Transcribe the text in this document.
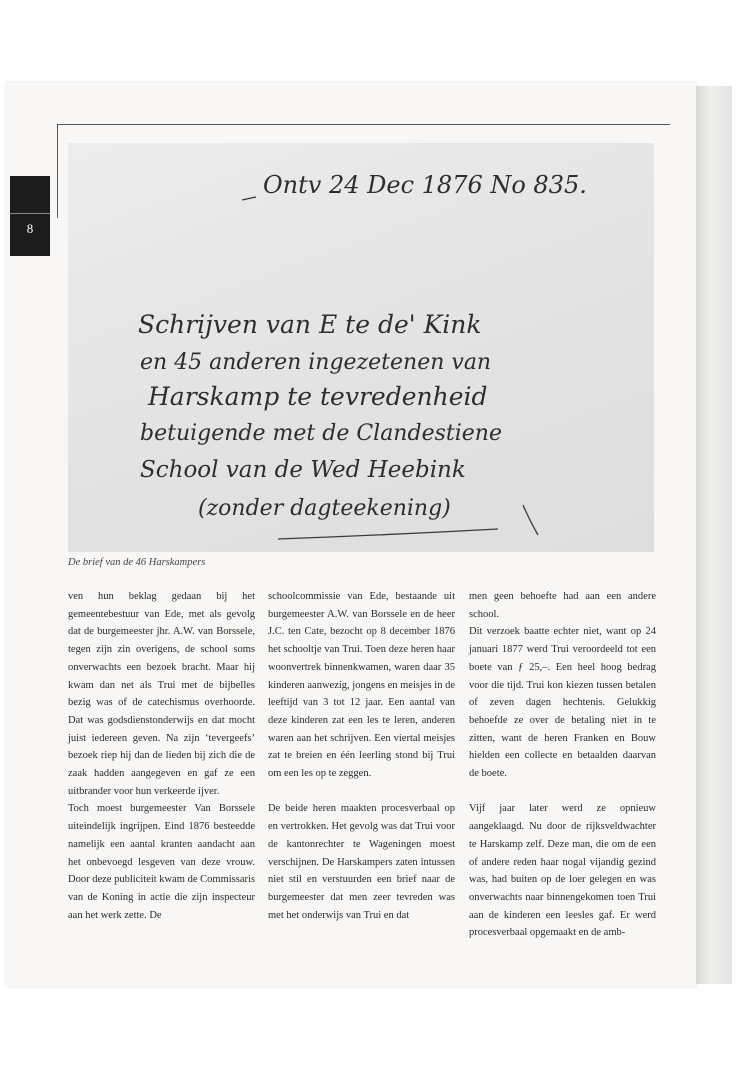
8
Ontv 24 Dec 1876 No 835.
Schrijven van E te de' Kink
en 45 anderen ingezetenen van
Harskamp te tevredenheid
betuigende met de Clandestiene
School van de Wed Heebink
(zonder dagteekening)
De brief van de 46 Harskampers

ven hun beklag gedaan bij het gemeentebestuur van Ede, met als gevolg dat de burgemeester jhr. A.W. van Borssele, tegen zijn zin overigens, de school soms onverwachts een bezoek bracht. Maar hij kwam dan net als Trui met de bijbelles bezig was of de catechismus overhoorde. Dat was godsdienstonderwijs en dat mocht juist iedereen geven. Na zijn ‘tevergeefs’ bezoek riep hij dan de lieden bij zich die de zaak hadden aangegeven en gaf ze een uitbrander voor hun verkeerde ijver.

Toch moest burgemeester Van Borssele uiteindelijk ingrijpen. Eind 1876 besteedde namelijk een aantal kranten aandacht aan het onbevoegd lesgeven van deze vrouw. Door deze publiciteit kwam de Commissaris van de Koning in actie die zijn inspecteur aan het werk zette. De

schoolcommissie van Ede, bestaande uit burgemeester A.W. van Borssele en de heer J.C. ten Cate, bezocht op 8 december 1876 het schooltje van Trui. Toen deze heren haar woonvertrek binnenkwamen, waren daar 35 kinderen aanwezig, jongens en meisjes in de leeftijd van 3 tot 12 jaar. Een aantal van deze kinderen zat een les te leren, anderen waren aan het schrijven. Een viertal meisjes zat te breien en één leerling stond bij Trui om een les op te zeggen.

De beide heren maakten procesverbaal op en vertrokken. Het gevolg was dat Trui voor de kantonrechter te Wageningen moest verschijnen. De Harskampers zaten intussen niet stil en verstuurden een brief naar de burgemeester dat men zeer tevreden was met het onderwijs van Trui en dat

men geen behoefte had aan een andere school.

Dit verzoek baatte echter niet, want op 24 januari 1877 werd Trui veroordeeld tot een boete van ƒ 25,–. Een heel hoog bedrag voor die tijd. Trui kon kiezen tussen betalen of zeven dagen hechtenis. Gelukkig behoefde ze over de betaling niet in te zitten, want de heren Franken en Bouw hielden een collecte en betaalden daarvan de boete.

Vijf jaar later werd ze opnieuw aangeklaagd. Nu door de rijksveldwachter te Harskamp zelf. Deze man, die om de een of andere reden haar nogal vijandig gezind was, had buiten op de loer gelegen en was onverwachts naar binnengekomen toen Trui aan de kinderen een leesles gaf. Er werd procesverbaal opgemaakt en de amb-
